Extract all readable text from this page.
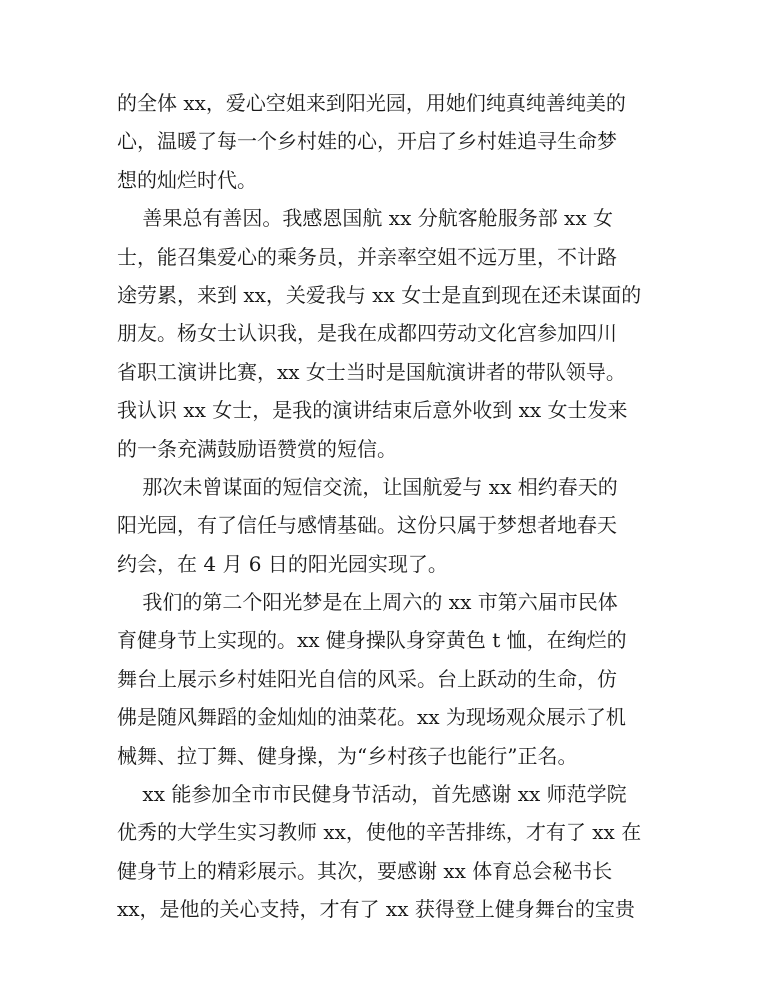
的全体 xx，爱心空姐来到阳光园，用她们纯真纯善纯美的
心，温暖了每一个乡村娃的心，开启了乡村娃追寻生命梦
想的灿烂时代。
善果总有善因。我感恩国航 xx 分航客舱服务部 xx 女
士，能召集爱心的乘务员，并亲率空姐不远万里，不计路
途劳累，来到 xx，关爱我与 xx 女士是直到现在还未谋面的
朋友。杨女士认识我，是我在成都四劳动文化宫参加四川
省职工演讲比赛，xx 女士当时是国航演讲者的带队领导。
我认识 xx 女士，是我的演讲结束后意外收到 xx 女士发来
的一条充满鼓励语赞赏的短信。
那次未曾谋面的短信交流，让国航爱与 xx 相约春天的
阳光园，有了信任与感情基础。这份只属于梦想者地春天
约会，在 4 月 6 日的阳光园实现了。
我们的第二个阳光梦是在上周六的 xx 市第六届市民体
育健身节上实现的。xx 健身操队身穿黄色 t 恤，在绚烂的
舞台上展示乡村娃阳光自信的风采。台上跃动的生命，仿
佛是随风舞蹈的金灿灿的油菜花。xx 为现场观众展示了机
械舞、拉丁舞、健身操，为“乡村孩子也能行”正名。
xx 能参加全市市民健身节活动，首先感谢 xx 师范学院
优秀的大学生实习教师 xx，使他的辛苦排练，才有了 xx 在
健身节上的精彩展示。其次，要感谢 xx 体育总会秘书长
xx，是他的关心支持，才有了 xx 获得登上健身舞台的宝贵
